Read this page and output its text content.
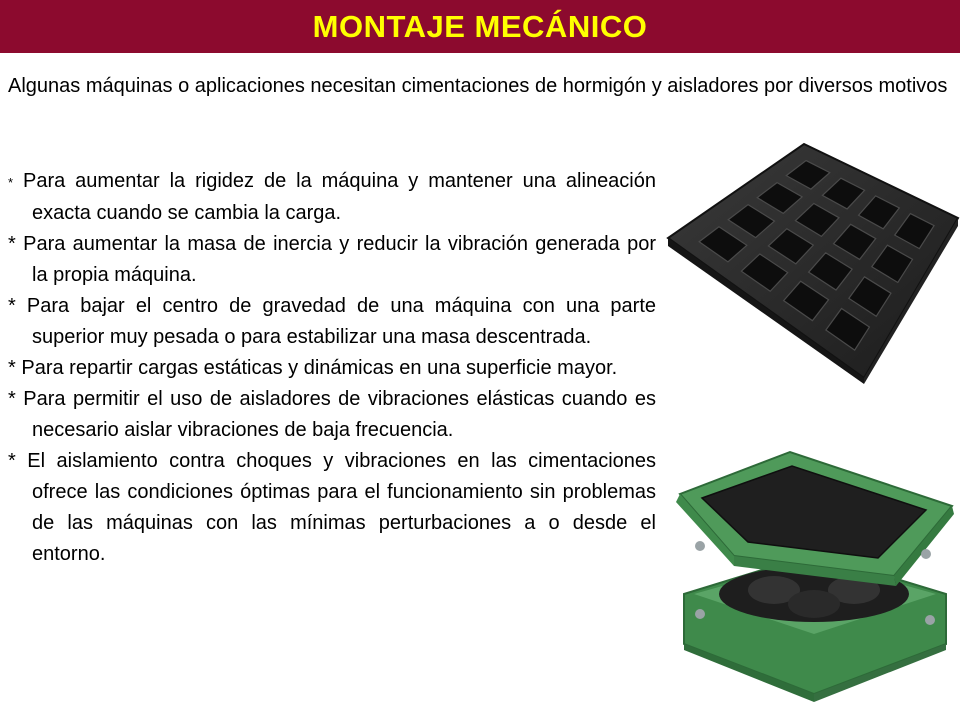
MONTAJE MECÁNICO
Algunas máquinas o aplicaciones necesitan cimentaciones de hormigón y aisladores por diversos motivos
* Para aumentar la rigidez de la máquina y mantener una alineación exacta cuando se cambia la carga.
* Para aumentar la masa de inercia y reducir la vibración generada por la propia máquina.
* Para bajar el centro de gravedad de una máquina con una parte superior muy pesada o para estabilizar una masa descentrada.
* Para repartir cargas estáticas y dinámicas en una superficie mayor.
* Para permitir el uso de aisladores de vibraciones elásticas cuando es necesario aislar vibraciones de baja frecuencia.
* El aislamiento contra choques y vibraciones en las cimentaciones ofrece las condiciones óptimas para el funcionamiento sin problemas de las máquinas con las mínimas perturbaciones a o desde el entorno.
